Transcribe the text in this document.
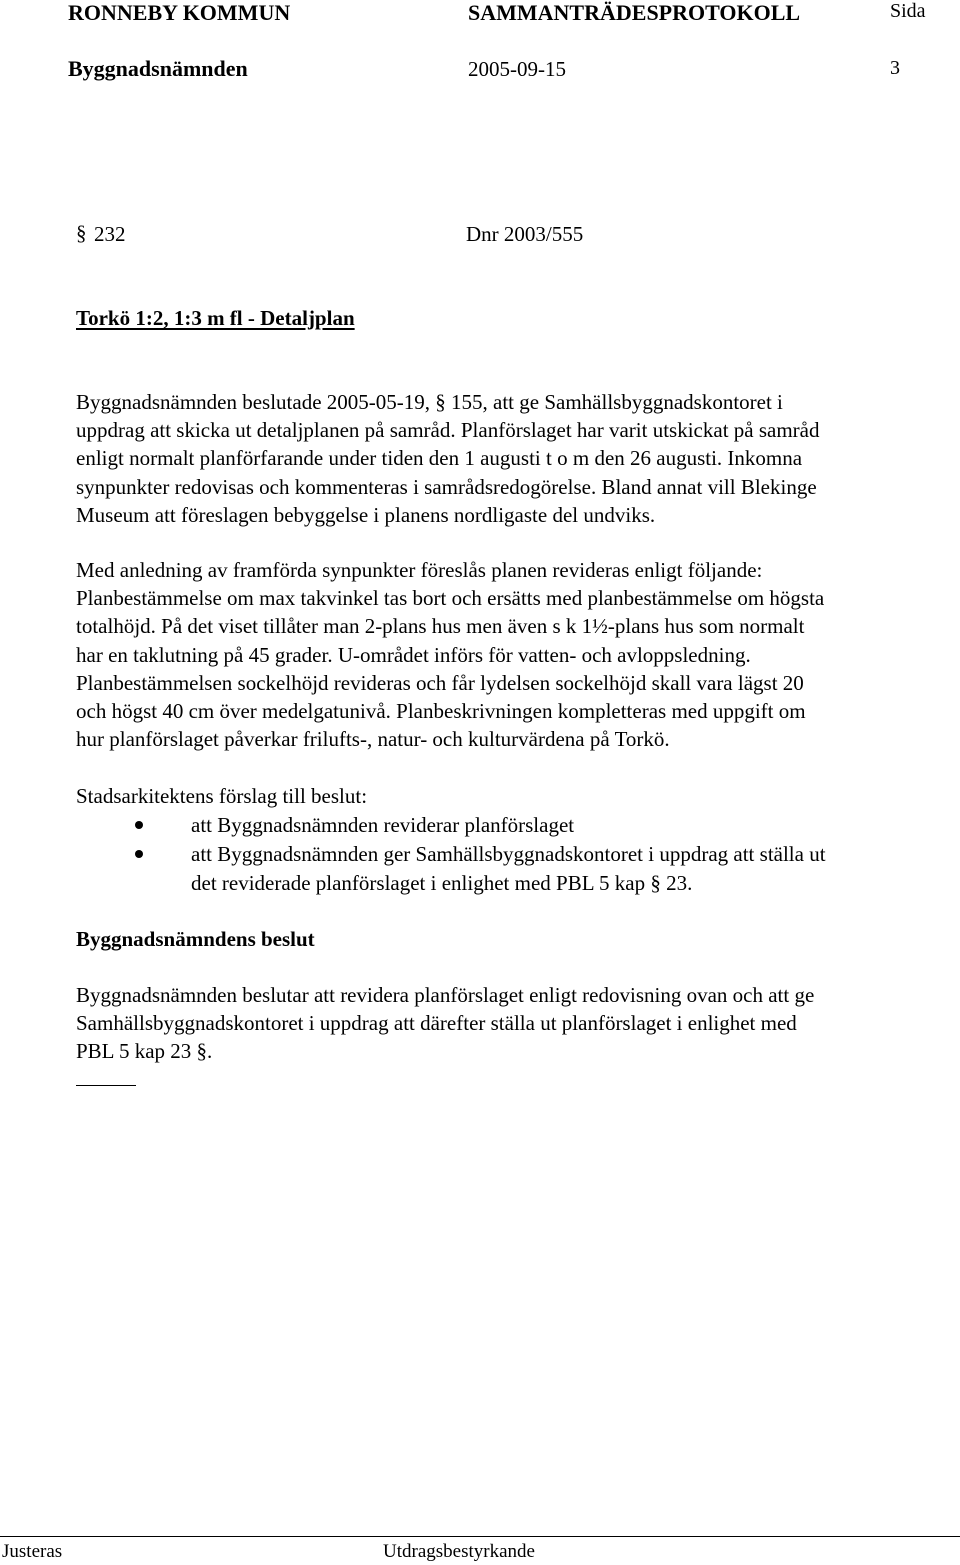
RONNEBY KOMMUN	SAMMANTRÄDESPROTOKOLL	Sida
Byggnadsnämnden	2005-09-15	3
§ 232	Dnr 2003/555
Torkö 1:2, 1:3 m fl - Detaljplan
Byggnadsnämnden beslutade 2005-05-19, § 155, att ge Samhällsbyggnadskontoret i
uppdrag att skicka ut detaljplanen på samråd. Planförslaget har varit utskickat på samråd
enligt normalt planförfarande under tiden den 1 augusti t o m den 26 augusti. Inkomna
synpunkter redovisas och kommenteras i samrådsredogörelse. Bland annat vill Blekinge
Museum att föreslagen bebyggelse i planens nordligaste del undviks.
Med anledning av framförda synpunkter föreslås planen revideras enligt följande:
Planbestämmelse om max takvinkel tas bort och ersätts med planbestämmelse om högsta
totalhöjd. På det viset tillåter man 2-plans hus men även s k 1½-plans hus som normalt
har en taklutning på 45 grader. U-området införs för vatten- och avloppsledning.
Planbestämmelsen sockelhöjd revideras och får lydelsen sockelhöjd skall vara lägst 20
och högst 40 cm över medelgatunivå. Planbeskrivningen kompletteras med uppgift om
hur planförslaget påverkar frilufts-, natur- och kulturvärdena på Torkö.
Stadsarkitektens förslag till beslut:
att Byggnadsnämnden reviderar planförslaget
att Byggnadsnämnden ger Samhällsbyggnadskontoret i uppdrag att ställa ut
det reviderade planförslaget i enlighet med PBL 5 kap § 23.
Byggnadsnämndens beslut
Byggnadsnämnden beslutar att revidera planförslaget enligt redovisning ovan och att ge
Samhällsbyggnadskontoret i uppdrag att därefter ställa ut planförslaget i enlighet med
PBL 5 kap 23 §.
Justeras	Utdragsbestyrkande
